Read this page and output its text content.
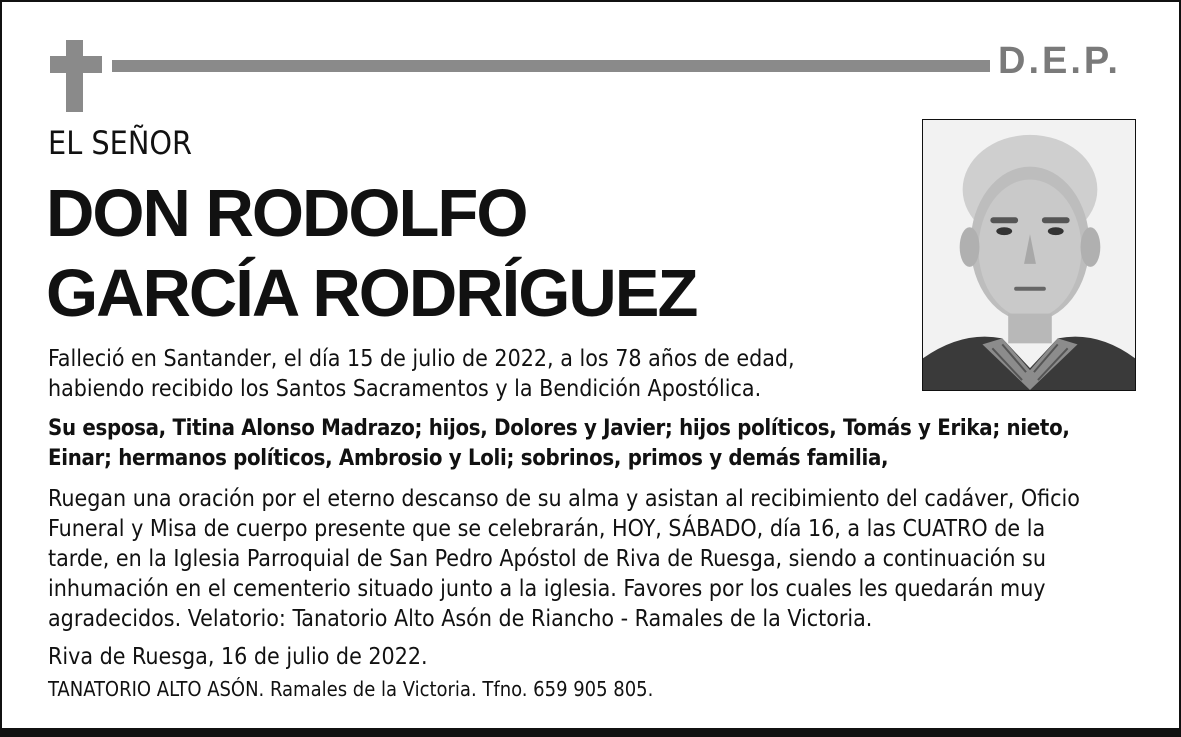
D.E.P.
EL SEÑOR
DON RODOLFO
GARCÍA RODRÍGUEZ
Falleció en Santander, el día 15 de julio de 2022, a los 78 años de edad,
habiendo recibido los Santos Sacramentos y la Bendición Apostólica.
Su esposa, Titina Alonso Madrazo; hijos, Dolores y Javier; hijos políticos, Tomás y Erika; nieto,
Einar; hermanos políticos, Ambrosio y Loli; sobrinos, primos y demás familia,
Ruegan una oración por el eterno descanso de su alma y asistan al recibimiento del cadáver, Oficio
Funeral y Misa de cuerpo presente que se celebrarán, HOY, SÁBADO, día 16, a las CUATRO de la
tarde, en la Iglesia Parroquial de San Pedro Apóstol de Riva de Ruesga, siendo a continuación su
inhumación en el cementerio situado junto a la iglesia. Favores por los cuales les quedarán muy
agradecidos. Velatorio: Tanatorio Alto Asón de Riancho - Ramales de la Victoria.
Riva de Ruesga, 16 de julio de 2022.
TANATORIO ALTO ASÓN. Ramales de la Victoria. Tfno. 659 905 805.
